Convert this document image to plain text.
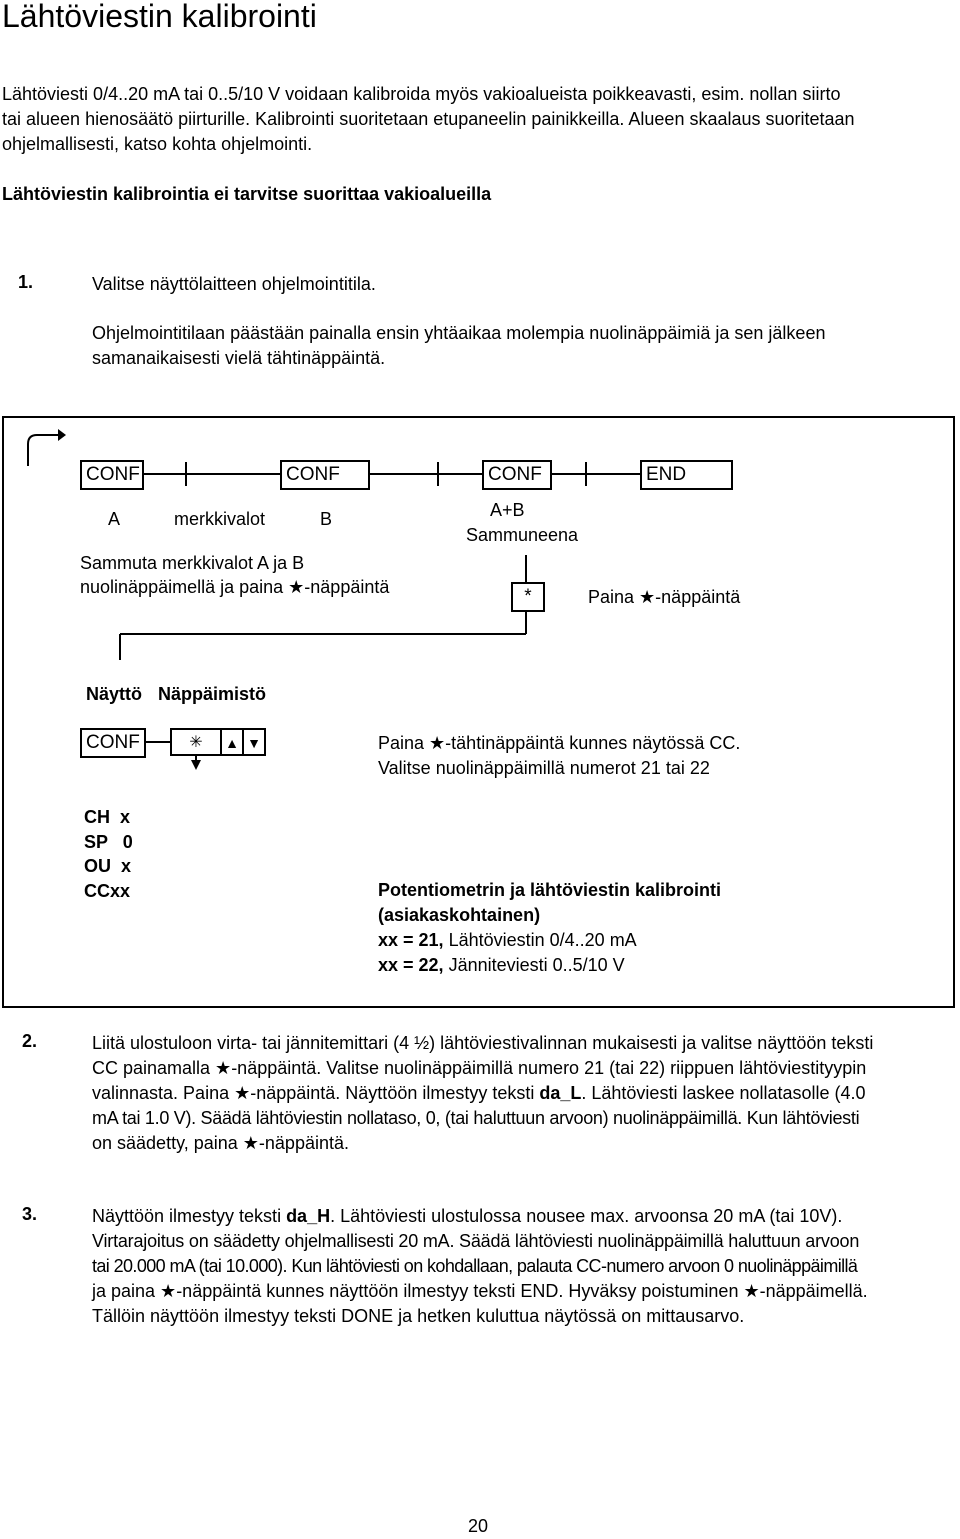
Lähtöviestin kalibrointi
Lähtöviesti 0/4..20 mA tai 0..5/10 V voidaan kalibroida myös vakioalueista poikkeavasti, esim. nollan siirto
tai alueen hienosäätö piirturille. Kalibrointi suoritetaan etupaneelin painikkeilla. Alueen skaalaus suoritetaan
ohjelmallisesti, katso kohta ohjelmointi.
Lähtöviestin kalibrointia ei tarvitse suorittaa vakioalueilla
1.	Valitse näyttölaitteen ohjelmointitila.
Ohjelmointitilaan päästään painalla ensin yhtäaikaa molempia nuolinäppäimiä ja sen jälkeen
samanaikaisesti vielä tähtinäppäintä.
CONF	CONF	CONF	END
A	merkkivalot	B	A+B
Sammuneena
Sammuta merkkivalot A ja B
nuolinäppäimellä ja paina ★-näppäintä	*	Paina ★-näppäintä
Näyttö Näppäimistö
CONF	✳	▲ ▼	Paina ★-tähtinäppäintä kunnes näytössä CC.
Valitse nuolinäppäimillä numerot 21 tai 22
CH  x
SP   0
OU  x
CCxx	Potentiometrin ja lähtöviestin kalibrointi
(asiakaskohtainen)
xx = 21, Lähtöviestin 0/4..20 mA
xx = 22, Jänniteviesti 0..5/10 V
2.	Liitä ulostuloon virta- tai jännitemittari (4 ½) lähtöviestivalinnan mukaisesti ja valitse näyttöön teksti
CC painamalla ★-näppäintä. Valitse nuolinäppäimillä numero 21 (tai 22) riippuen lähtöviestityypin
valinnasta. Paina ★-näppäintä. Näyttöön ilmestyy teksti da_L. Lähtöviesti laskee nollatasolle (4.0
mA tai 1.0 V). Säädä lähtöviestin nollataso, 0, (tai haluttuun arvoon) nuolinäppäimillä. Kun lähtöviesti
on säädetty, paina ★-näppäintä.
3.	Näyttöön ilmestyy teksti da_H. Lähtöviesti ulostulossa nousee max. arvoonsa 20 mA (tai 10V).
Virtarajoitus on säädetty ohjelmallisesti 20 mA. Säädä lähtöviesti nuolinäppäimillä haluttuun arvoon
tai 20.000 mA (tai 10.000). Kun lähtöviesti on kohdallaan, palauta CC-numero arvoon 0 nuolinäppäimillä
ja paina ★-näppäintä kunnes näyttöön ilmestyy teksti END. Hyväksy poistuminen ★-näppäimellä.
Tällöin näyttöön ilmestyy teksti DONE ja hetken kuluttua näytössä on mittausarvo.
20
